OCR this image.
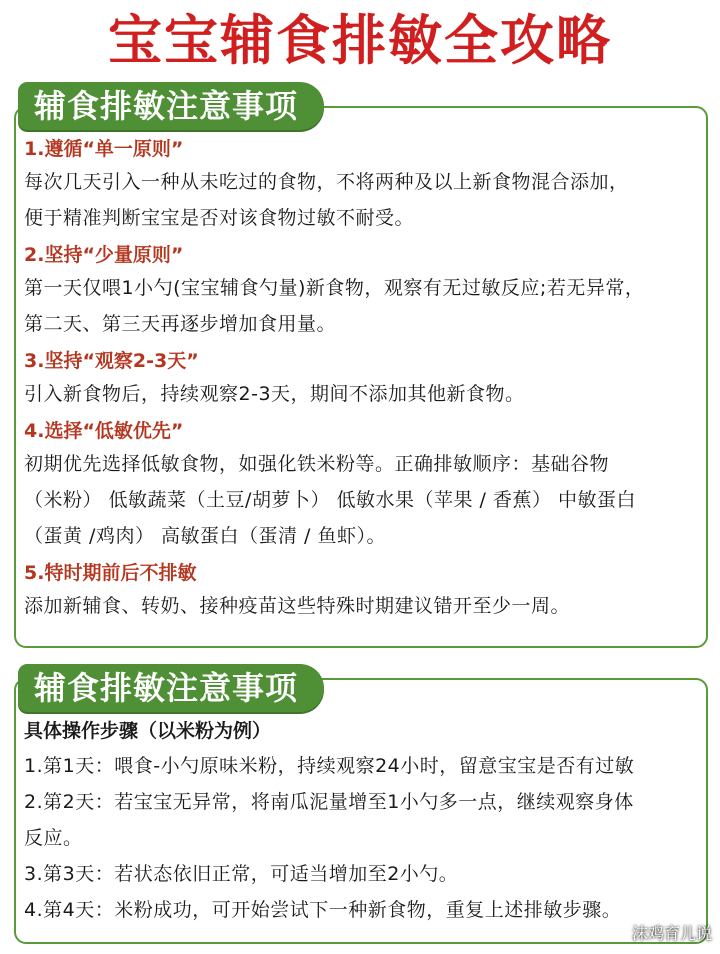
宝宝辅食排敏全攻略
辅食排敏注意事项
1.遵循“单一原则”
每次几天引入一种从未吃过的食物，不将两种及以上新食物混合添加，
便于精准判断宝宝是否对该食物过敏不耐受。
2.坚持“少量原则”
第一天仅喂1小勺(宝宝辅食勺量)新食物，观察有无过敏反应;若无异常，
第二天、第三天再逐步增加食用量。
3.坚持“观察2-3天”
引入新食物后，持续观察2-3天，期间不添加其他新食物。
4.选择“低敏优先”
初期优先选择低敏食物，如强化铁米粉等。正确排敏顺序：基础谷物
（米粉） 低敏蔬菜（土豆/胡萝卜） 低敏水果（苹果 / 香蕉） 中敏蛋白
（蛋黄 /鸡肉） 高敏蛋白（蛋清 / 鱼虾）。
5.特时期前后不排敏
添加新辅食、转奶、接种疫苗这些特殊时期建议错开至少一周。
辅食排敏注意事项
具体操作步骤（以米粉为例）
1.第1天：喂食-小勺原味米粉，持续观察24小时，留意宝宝是否有过敏
2.第2天：若宝宝无异常，将南瓜泥量增至1小勺多一点，继续观察身体
反应。
3.第3天：若状态依旧正常，可适当增加至2小勺。
4.第4天：米粉成功，可开始尝试下一种新食物，重复上述排敏步骤。
沫鸡育儿说
